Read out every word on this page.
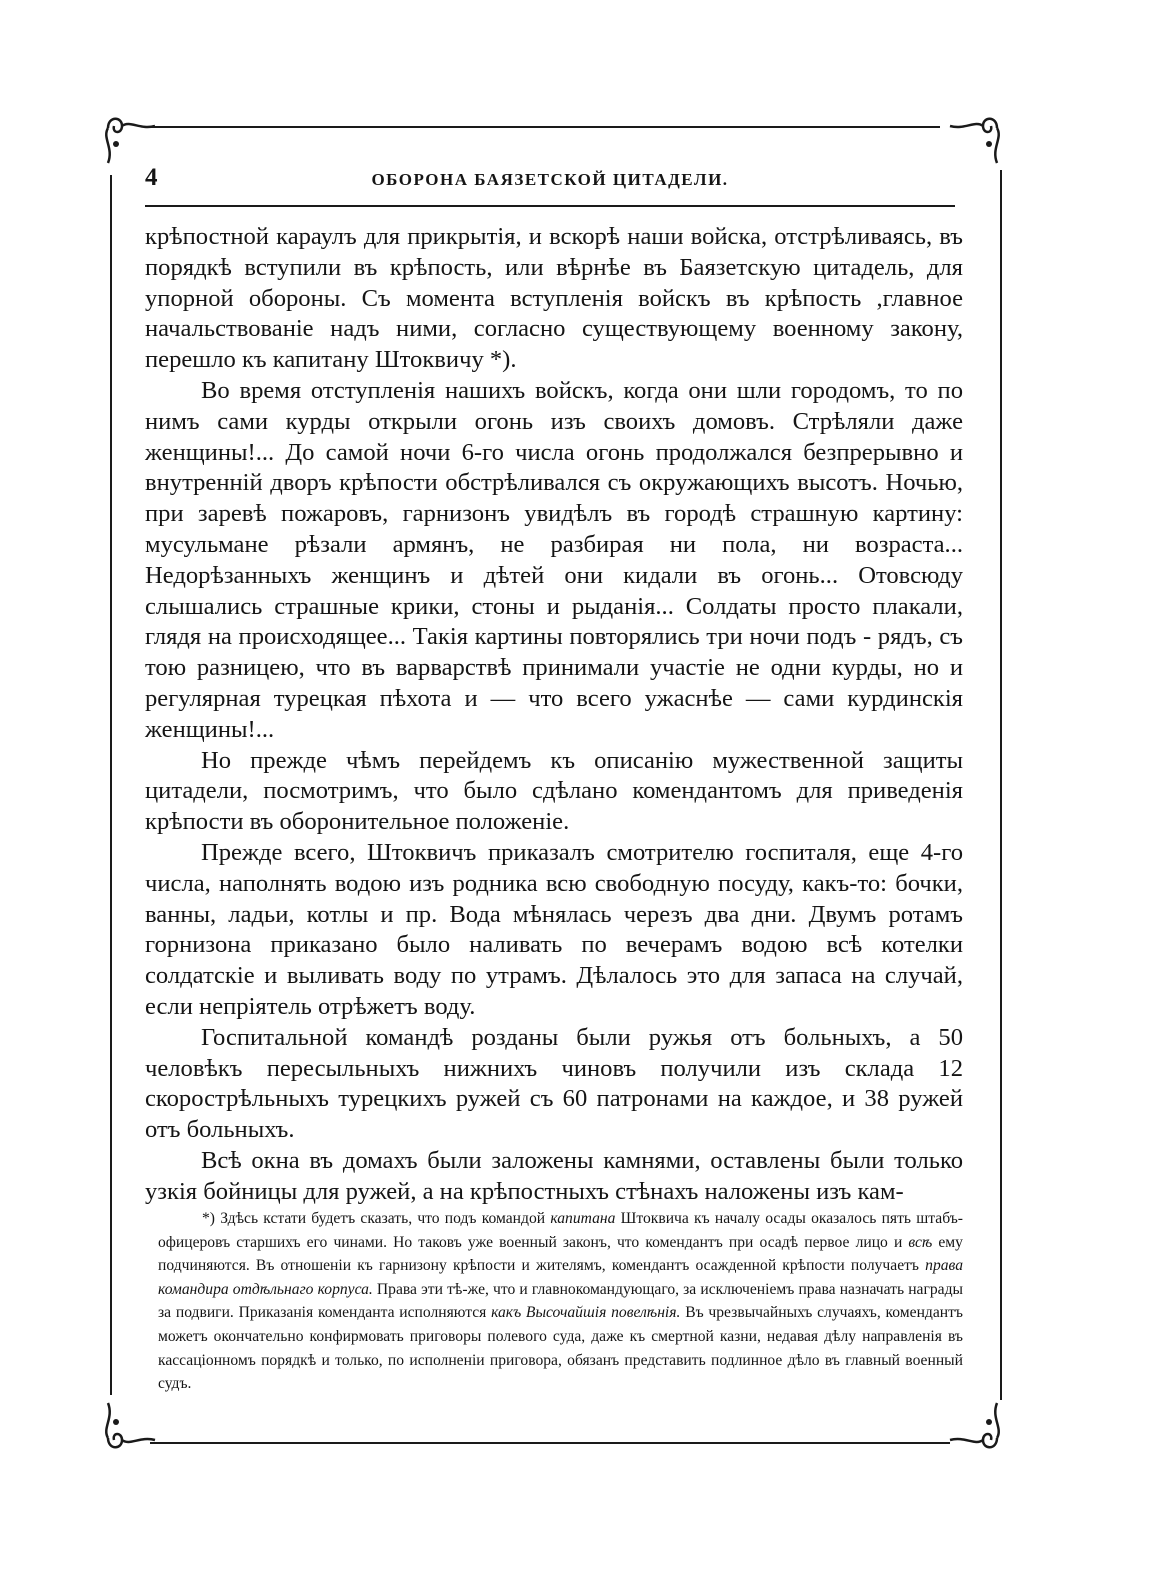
4	ОБОРОНА БАЯЗЕТСКОЙ ЦИТАДЕЛИ.

крѣпостной караулъ для прикрытія, и вскорѣ наши войска, отстрѣливаясь, въ порядкѣ вступили въ крѣпость, или вѣрнѣе въ Баязетскую цитадель, для упорной обороны. Съ момента вступленія войскъ въ крѣпость ,главное начальствованіе надъ ними, согласно существующему военному закону, перешло къ капитану Штоквичу *).

Во время отступленія нашихъ войскъ, когда они шли городомъ, то по нимъ сами курды открыли огонь изъ своихъ домовъ. Стрѣляли даже женщины!... До самой ночи 6-го числа огонь продолжался безпрерывно и внутренній дворъ крѣпости обстрѣливался съ окружающихъ высотъ. Ночью, при заревѣ пожаровъ, гарнизонъ увидѣлъ въ городѣ страшную картину: мусульмане рѣзали армянъ, не разбирая ни пола, ни возраста... Недорѣзанныхъ женщинъ и дѣтей они кидали въ огонь... Отовсюду слышались страшные крики, стоны и рыданія... Солдаты просто плакали, глядя на происходящее... Такія картины повторялись три ночи подъ - рядъ, съ тою разницею, что въ варварствѣ принимали участіе не одни курды, но и регулярная турецкая пѣхота и — что всего ужаснѣе — сами курдинскія женщины!...

Но прежде чѣмъ перейдемъ къ описанію мужественной защиты цитадели, посмотримъ, что было сдѣлано комендантомъ для приведенія крѣпости въ оборонительное положеніе.

Прежде всего, Штоквичъ приказалъ смотрителю госпиталя, еще 4-го числа, наполнять водою изъ родника всю свободную посуду, какъ-то: бочки, ванны, ладьи, котлы и пр. Вода мѣнялась черезъ два дни. Двумъ ротамъ горнизона приказано было наливать по вечерамъ водою всѣ котелки солдатскіе и выливать воду по утрамъ. Дѣлалось это для запаса на случай, если непріятель отрѣжетъ воду.

Госпитальной командѣ розданы были ружья отъ больныхъ, а 50 человѣкъ пересыльныхъ нижнихъ чиновъ получили изъ склада 12 скорострѣльныхъ турецкихъ ружей съ 60 патронами на каждое, и 38 ружей отъ больныхъ.

Всѣ окна въ домахъ были заложены камнями, оставлены были только узкія бойницы для ружей, а на крѣпостныхъ стѣнахъ наложены изъ кам-

*) Здѣсь кстати будетъ сказать, что подъ командой капитана Штоквича къ началу осады оказалось пять штабъ-офицеровъ старшихъ его чинами. Но таковъ уже военный законъ, что комендантъ при осадѣ первое лицо и всѣ ему подчиняются. Въ отношеніи къ гарнизону крѣпости и жителямъ, комендантъ осажденной крѣпости получаетъ права командира отдѣльнаго корпуса. Права эти тѣ-же, что и главнокомандующаго, за исключеніемъ права назначать награды за подвиги. Приказанія коменданта исполняются какъ Высочайшія повелѣнія. Въ чрезвычайныхъ случаяхъ, комендантъ можетъ окончательно конфирмовать приговоры полевого суда, даже къ смертной казни, недавая дѣлу направленія въ кассаціонномъ порядкѣ и только, по исполненіи приговора, обязанъ представить подлинное дѣло въ главный военный судъ.
